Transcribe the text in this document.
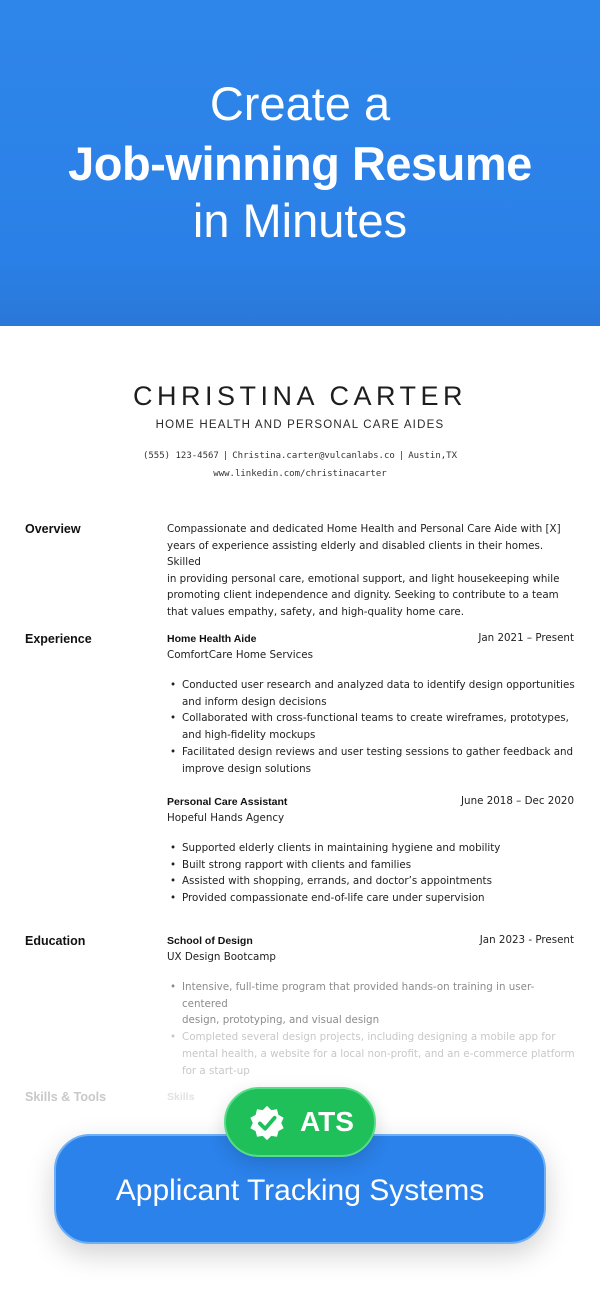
Create a
Job-winning Resume
in Minutes
CHRISTINA CARTER
HOME HEALTH AND PERSONAL CARE AIDES
(555) 123-4567 | Christina.carter@vulcanlabs.co | Austin,TX
www.linkedin.com/christinacarter
Overview	Compassionate and dedicated Home Health and Personal Care Aide with [X]
years of experience assisting elderly and disabled clients in their homes. Skilled
in providing personal care, emotional support, and light housekeeping while
promoting client independence and dignity. Seeking to contribute to a team
that values empathy, safety, and high-quality home care.
Experience	Home Health Aide	Jan 2021 – Present
ComfortCare Home Services
• Conducted user research and analyzed data to identify design opportunities
and inform design decisions
• Collaborated with cross-functional teams to create wireframes, prototypes,
and high-fidelity mockups
• Facilitated design reviews and user testing sessions to gather feedback and
improve design solutions
Personal Care Assistant	June 2018 – Dec 2020
Hopeful Hands Agency
• Supported elderly clients in maintaining hygiene and mobility
• Built strong rapport with clients and families
• Assisted with shopping, errands, and doctor’s appointments
• Provided compassionate end-of-life care under supervision
Education	School of Design	Jan 2023 - Present
UX Design Bootcamp
• Intensive, full-time program that provided hands-on training in user-centered
design, prototyping, and visual design
• Completed several design projects, including designing a mobile app for
mental health, a website for a local non-profit, and an e-commerce platform
for a start-up
Skills & Tools	Skills
Applicant Tracking Systems
ATS
